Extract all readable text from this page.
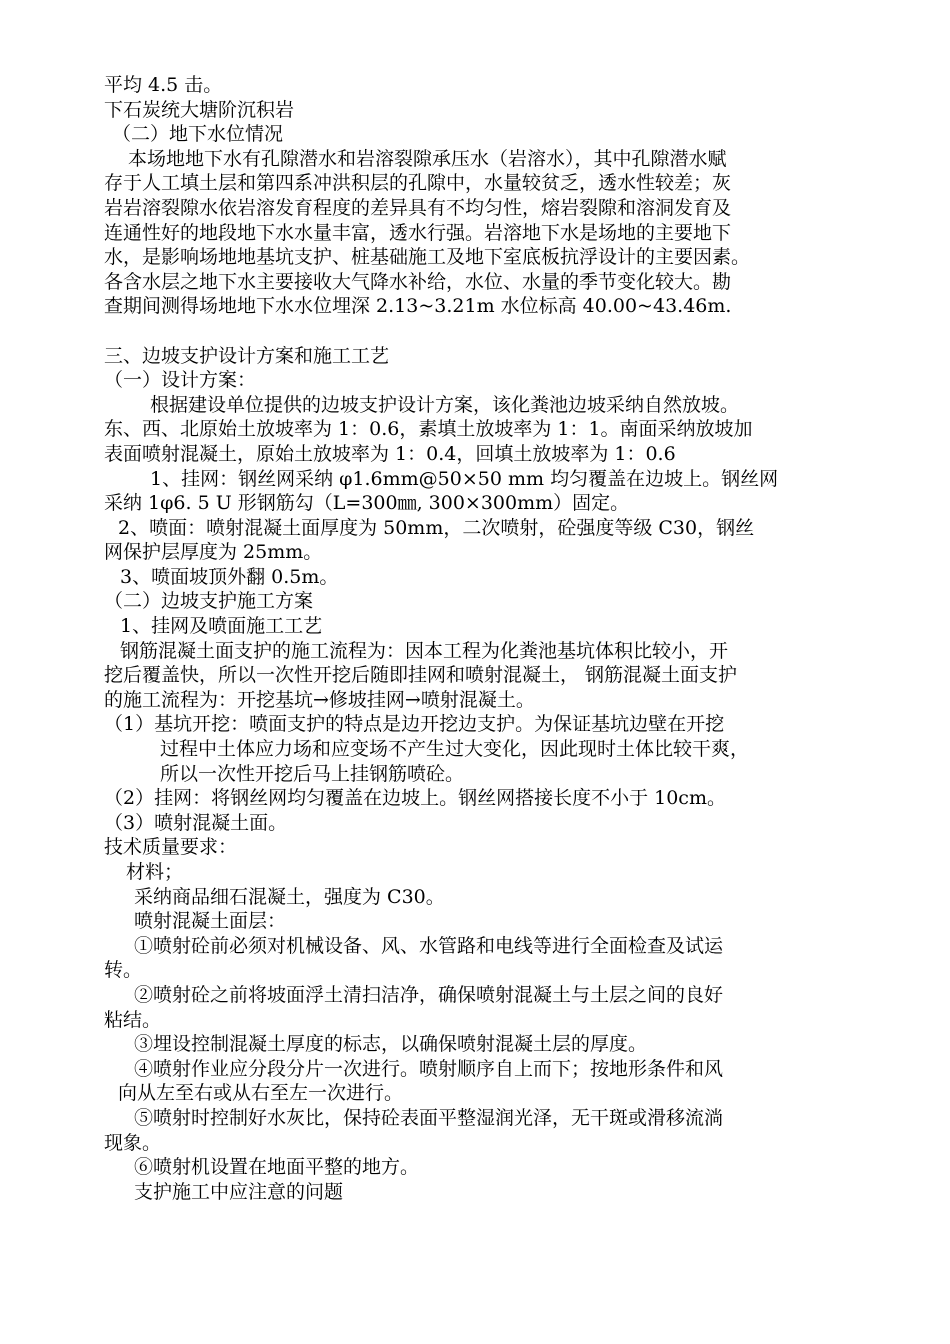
平均 4.5 击。

下石炭统大塘阶沉积岩

（二）地下水位情况

本场地地下水有孔隙潜水和岩溶裂隙承压水（岩溶水），其中孔隙潜水赋

存于人工填土层和第四系冲洪积层的孔隙中，水量较贫乏，透水性较差；灰

岩岩溶裂隙水依岩溶发育程度的差异具有不均匀性，熔岩裂隙和溶洞发育及

连通性好的地段地下水水量丰富，透水行强。岩溶地下水是场地的主要地下

水，是影响场地地基坑支护、桩基础施工及地下室底板抗浮设计的主要因素。

各含水层之地下水主要接收大气降水补给，水位、水量的季节变化较大。勘

查期间测得场地地下水水位埋深 2.13~3.21m 水位标高 40.00~43.46m.

三、边坡支护设计方案和施工工艺

（一）设计方案：

根据建设单位提供的边坡支护设计方案，该化粪池边坡采纳自然放坡。

东、西、北原始土放坡率为 1：0.6，素填土放坡率为 1：1。南面采纳放坡加

表面喷射混凝土，原始土放坡率为 1：0.4，回填土放坡率为 1：0.6

1、挂网：钢丝网采纳 φ1.6mm@50×50 mm 均匀覆盖在边坡上。钢丝网

采纳 1φ6. 5 U 形钢筋勾（L=300㎜, 300×300mm）固定。

2、喷面：喷射混凝土面厚度为 50mm，二次喷射，砼强度等级 C30，钢丝

网保护层厚度为 25mm。

3、喷面坡顶外翻 0.5m。

（二）边坡支护施工方案

1、挂网及喷面施工工艺

钢筋混凝土面支护的施工流程为：因本工程为化粪池基坑体积比较小，开

挖后覆盖快，所以一次性开挖后随即挂网和喷射混凝土， 钢筋混凝土面支护

的施工流程为：开挖基坑→修坡挂网→喷射混凝土。

（1）基坑开挖：喷面支护的特点是边开挖边支护。为保证基坑边壁在开挖

过程中土体应力场和应变场不产生过大变化，因此现时土体比较干爽，

所以一次性开挖后马上挂钢筋喷砼。

（2）挂网：将钢丝网均匀覆盖在边坡上。钢丝网搭接长度不小于 10cm。

（3）喷射混凝土面。

技术质量要求：

材料；

采纳商品细石混凝土，强度为 C30。

喷射混凝土面层：

①喷射砼前必须对机械设备、风、水管路和电线等进行全面检查及试运

转。

②喷射砼之前将坡面浮土清扫洁净，确保喷射混凝土与土层之间的良好

粘结。

③埋设控制混凝土厚度的标志，以确保喷射混凝土层的厚度。

④喷射作业应分段分片一次进行。喷射顺序自上而下；按地形条件和风

向从左至右或从右至左一次进行。

⑤喷射时控制好水灰比，保持砼表面平整湿润光泽，无干斑或滑移流淌

现象。

⑥喷射机设置在地面平整的地方。

支护施工中应注意的问题
